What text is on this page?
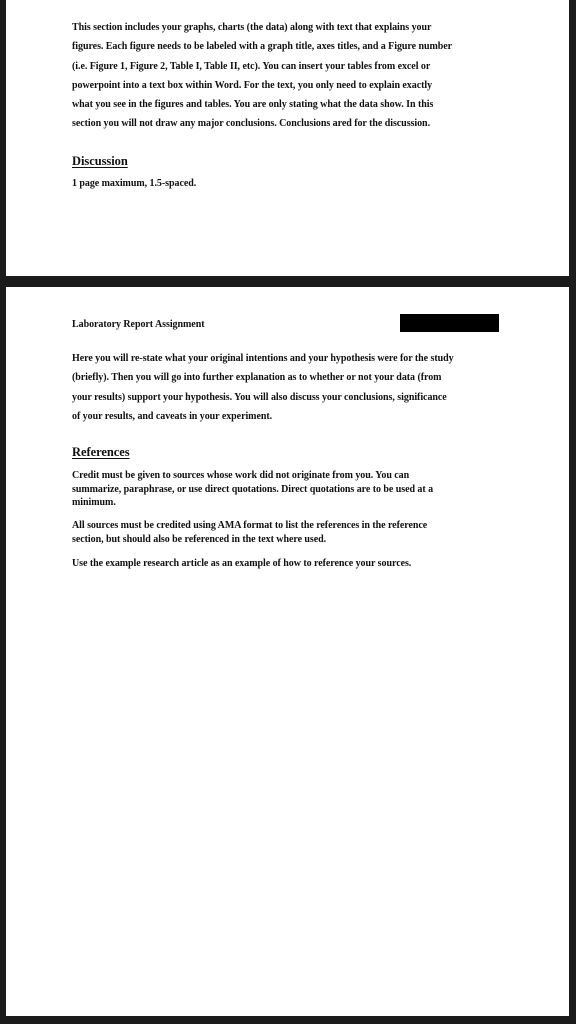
This section includes your graphs, charts (the data) along with text that explains your
figures. Each figure needs to be labeled with a graph title, axes titles, and a Figure number
(i.e. Figure 1, Figure 2, Table I, Table II, etc). You can insert your tables from excel or
powerpoint into a text box within Word. For the text, you only need to explain exactly
what you see in the figures and tables. You are only stating what the data show. In this
section you will not draw any major conclusions. Conclusions ared for the discussion.
Discussion
1 page maximum, 1.5-spaced.
Laboratory Report Assignment
Here you will re-state what your original intentions and your hypothesis were for the study
(briefly). Then you will go into further explanation as to whether or not your data (from
your results) support your hypothesis. You will also discuss your conclusions, significance
of your results, and caveats in your experiment.
References
Credit must be given to sources whose work did not originate from you. You can
summarize, paraphrase, or use direct quotations. Direct quotations are to be used at a
minimum.
All sources must be credited using AMA format to list the references in the reference
section, but should also be referenced in the text where used.
Use the example research article as an example of how to reference your sources.
